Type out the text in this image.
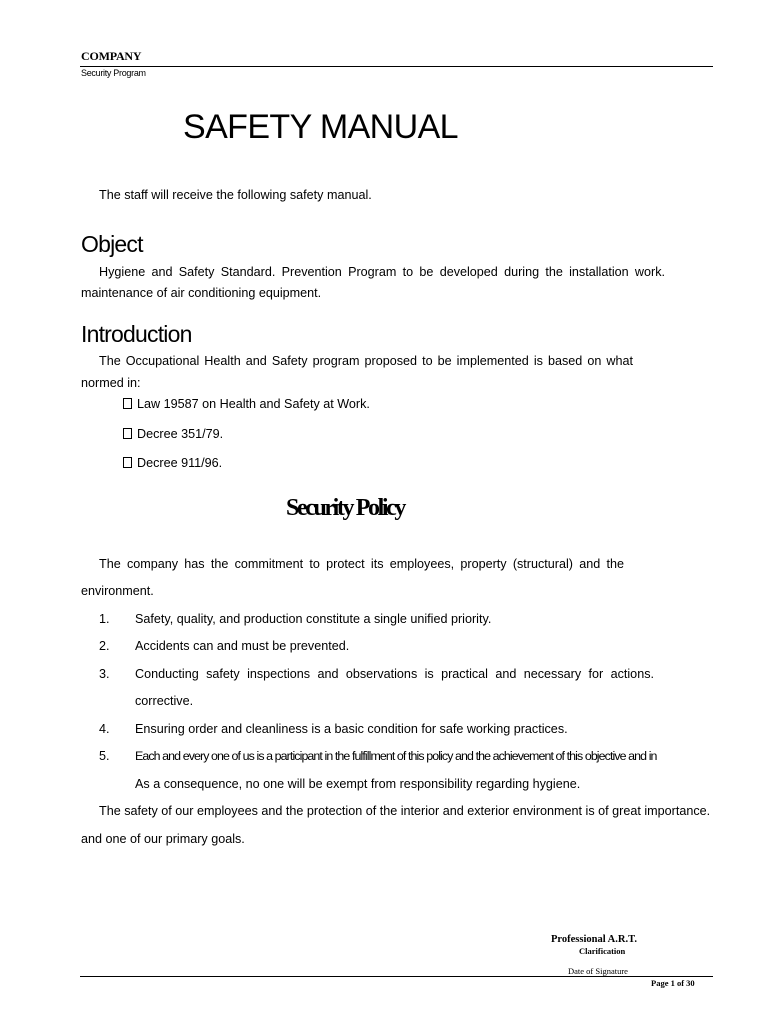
COMPANY
Security Program
SAFETY MANUAL
The staff will receive the following safety manual.
Object
Hygiene and Safety Standard. Prevention Program to be developed during the installation work.
maintenance of air conditioning equipment.
Introduction
The Occupational Health and Safety program proposed to be implemented is based on what
normed in:
Law 19587 on Health and Safety at Work.
Decree 351/79.
Decree 911/96.
Security Policy
The company has the commitment to protect its employees, property (structural) and the
environment.
1. Safety, quality, and production constitute a single unified priority.
2. Accidents can and must be prevented.
3. Conducting safety inspections and observations is practical and necessary for actions.
corrective.
4. Ensuring order and cleanliness is a basic condition for safe working practices.
5. Each and every one of us is a participant in the fulfillment of this policy and the achievement of this objective and in
As a consequence, no one will be exempt from responsibility regarding hygiene.
The safety of our employees and the protection of the interior and exterior environment is of great importance.
and one of our primary goals.
Professional A.R.T.
Clarification
Date of Signature
Page 1 of 30
